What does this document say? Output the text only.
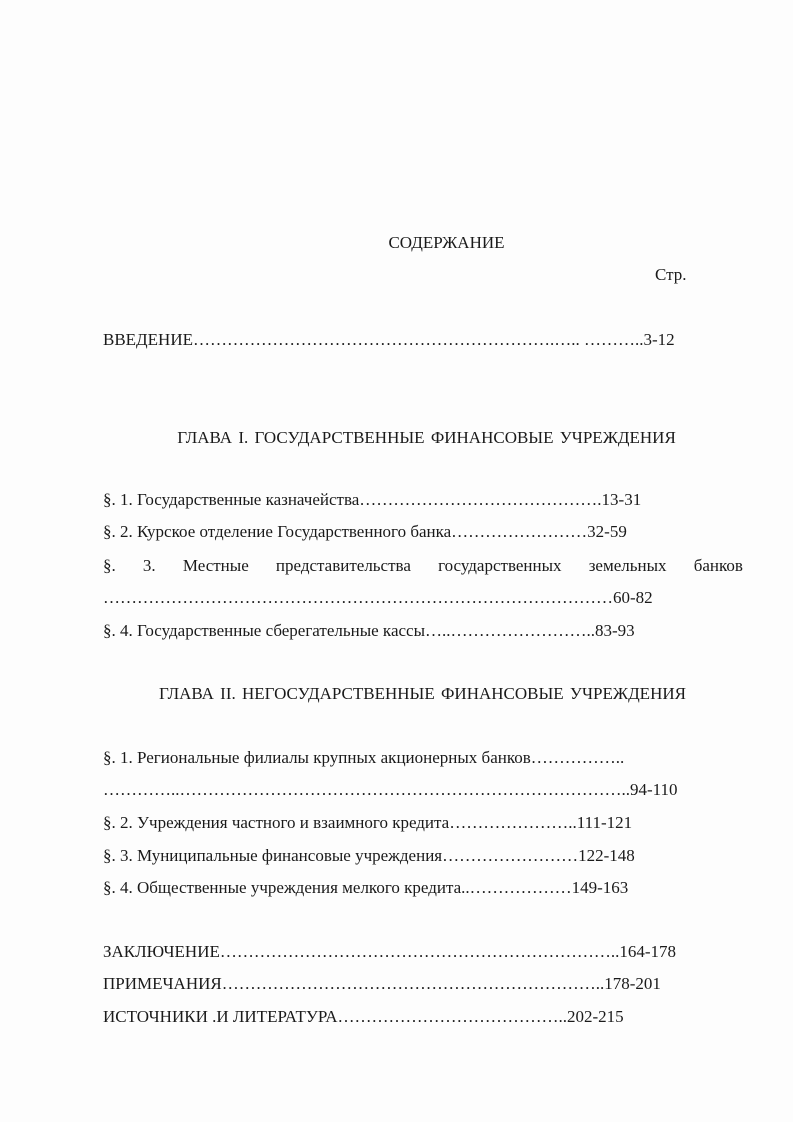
СОДЕРЖАНИЕ
Стр.
ВВЕДЕНИЕ……………………………………………………….….. ………..3-12
ГЛАВА I. ГОСУДАРСТВЕННЫЕ ФИНАНСОВЫЕ УЧРЕЖДЕНИЯ
§. 1. Государственные казначейства…………………………………….13-31
§. 2. Курское отделение Государственного банка……………………32-59
§. 3. Местные представительства государственных земельных банков
………………………………………………………………………………60-82
§. 4. Государственные сберегательные кассы…..……………………..83-93
ГЛАВА II. НЕГОСУДАРСТВЕННЫЕ ФИНАНСОВЫЕ УЧРЕЖДЕНИЯ
§. 1. Региональные филиалы крупных акционерных банков……………..
…………..……………………………………………………………………..94-110
§. 2. Учреждения частного и взаимного кредита…………………..111-121
§. 3. Муниципальные финансовые учреждения……………………122-148
§. 4. Общественные учреждения мелкого кредита..………………149-163
ЗАКЛЮЧЕНИЕ……………………………………………………………..164-178
ПРИМЕЧАНИЯ…………………………………………………………..178-201
ИСТОЧНИКИ .И ЛИТЕРАТУРА…………………………………..202-215
